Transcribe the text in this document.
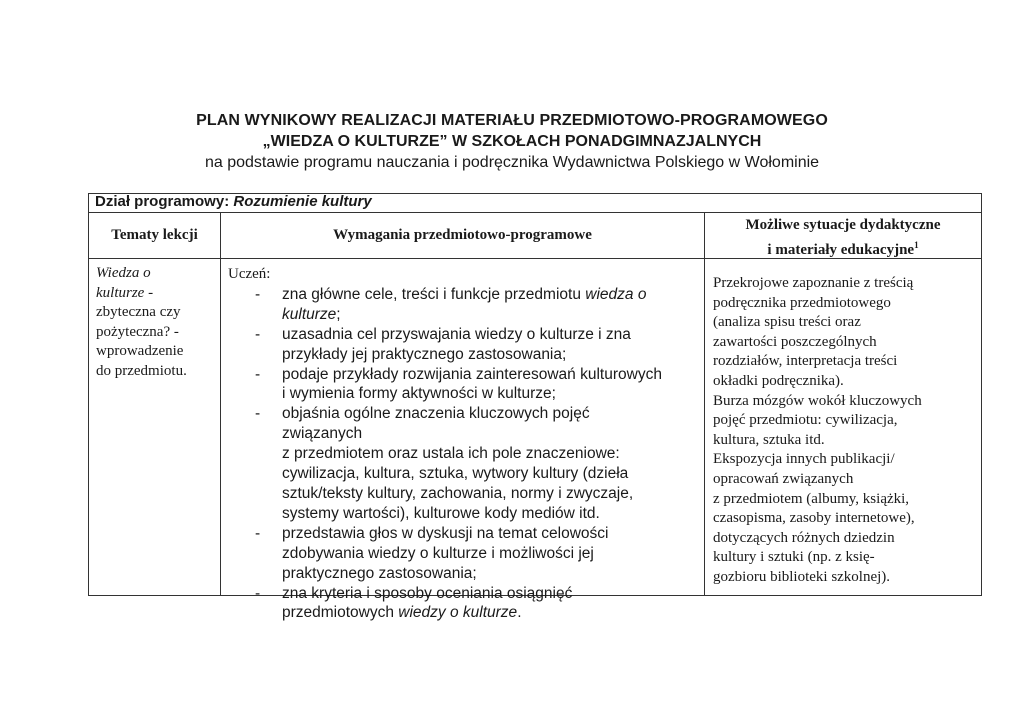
PLAN WYNIKOWY REALIZACJI MATERIAŁU PRZEDMIOTOWO-PROGRAMOWEGO
„WIEDZA O KULTURZE” W SZKOŁACH PONADGIMNAZJALNYCH
na podstawie programu nauczania i podręcznika Wydawnictwa Polskiego w Wołominie
Dział programowy: Rozumienie kultury
Tematy lekcji	Wymagania przedmiotowo-programowe
Możliwe sytuacje dydaktyczne
i materiały edukacyjne$^1$
Wiedza o
kulturze -
zbyteczna czy
pożyteczna? -
wprowadzenie
do przedmiotu.
Uczeń:
- zna główne cele, treści i funkcje przedmiotu wiedza o
kulturze;
- uzasadnia cel przyswajania wiedzy o kulturze i zna
przykłady jej praktycznego zastosowania;
- podaje przykłady rozwijania zainteresowań kulturowych
i wymienia formy aktywności w kulturze;
- objaśnia ogólne znaczenia kluczowych pojęć
związanych
z przedmiotem oraz ustala ich pole znaczeniowe:
cywilizacja, kultura, sztuka, wytwory kultury (dzieła
sztuk/teksty kultury, zachowania, normy i zwyczaje,
systemy wartości), kulturowe kody mediów itd.
- przedstawia głos w dyskusji na temat celowości
zdobywania wiedzy o kulturze i możliwości jej
praktycznego zastosowania;
- zna kryteria i sposoby oceniania osiągnięć
przedmiotowych wiedzy o kulturze.
Przekrojowe zapoznanie z treścią
podręcznika przedmiotowego
(analiza spisu treści oraz
zawartości poszczególnych
rozdziałów, interpretacja treści
okładki podręcznika).
Burza mózgów wokół kluczowych
pojęć przedmiotu: cywilizacja,
kultura, sztuka itd.
Ekspozycja innych publikacji/
opracowań związanych
z przedmiotem (albumy, książki,
czasopisma, zasoby internetowe),
dotyczących różnych dziedzin
kultury i sztuki (np. z księ-
gozbioru biblioteki szkolnej).
